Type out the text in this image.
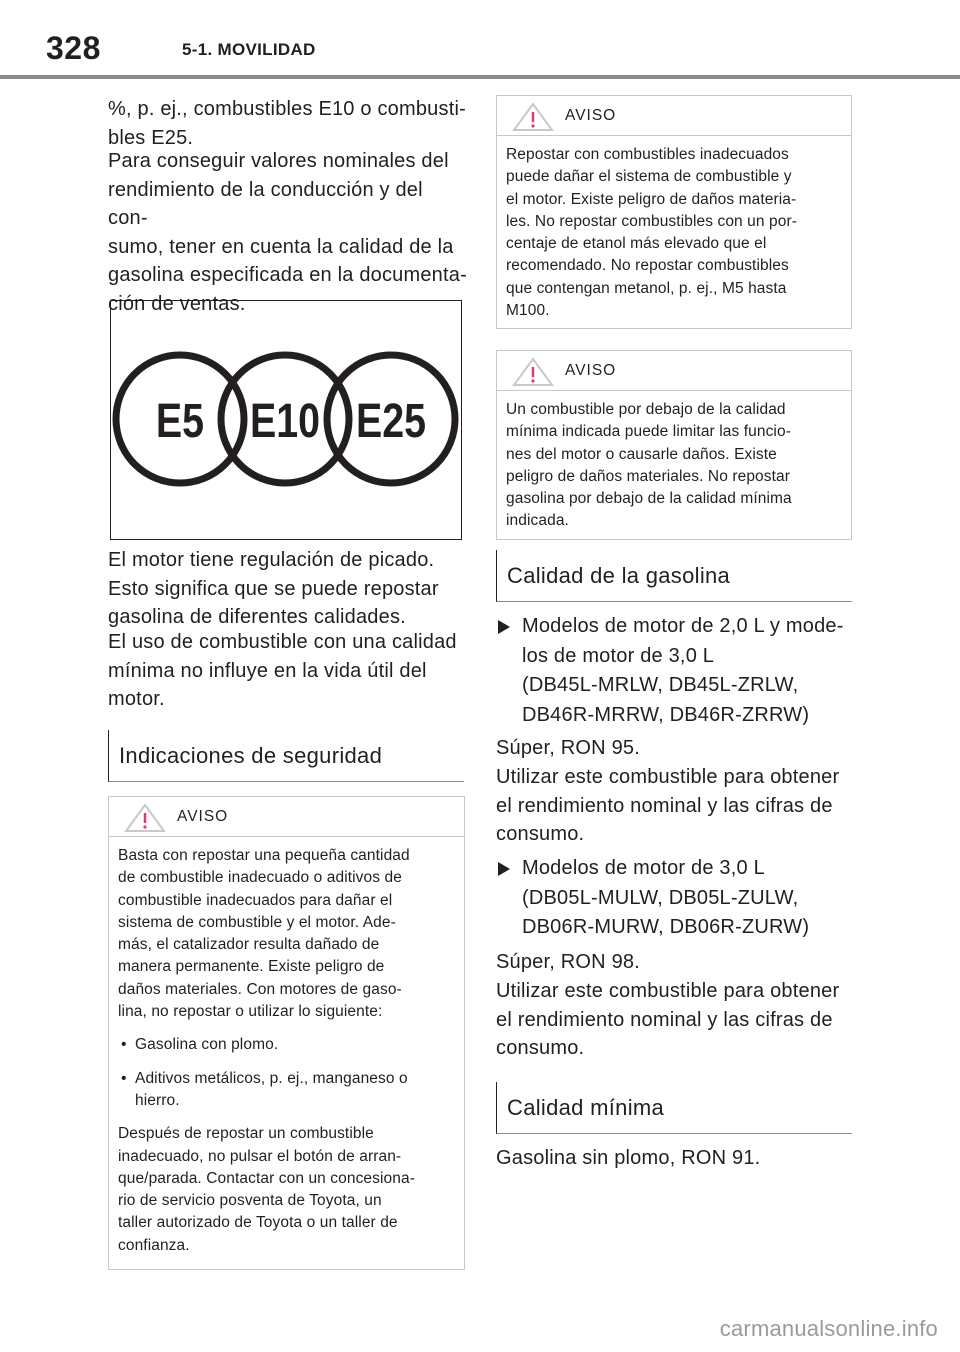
328	5-1. MOVILIDAD
%, p. ej., combustibles E10 o combusti-
bles E25.
Para conseguir valores nominales del
rendimiento de la conducción y del con-
sumo, tener en cuenta la calidad de la
gasolina especificada en la documenta-
ción de ventas.
E5 E10 E25
El motor tiene regulación de picado.
Esto significa que se puede repostar
gasolina de diferentes calidades.
El uso de combustible con una calidad
mínima no influye en la vida útil del
motor.
Indicaciones de seguridad
AVISO

Basta con repostar una pequeña cantidad
de combustible inadecuado o aditivos de
combustible inadecuados para dañar el
sistema de combustible y el motor. Ade-
más, el catalizador resulta dañado de
manera permanente. Existe peligro de
daños materiales. Con motores de gaso-
lina, no repostar o utilizar lo siguiente:

• Gasolina con plomo.
• Aditivos metálicos, p. ej., manganeso o
hierro.

Después de repostar un combustible
inadecuado, no pulsar el botón de arran-
que/parada. Contactar con un concesiona-
rio de servicio posventa de Toyota, un
taller autorizado de Toyota o un taller de
confianza.

AVISO
Repostar con combustibles inadecuados
puede dañar el sistema de combustible y
el motor. Existe peligro de daños materia-
les. No repostar combustibles con un por-
centaje de etanol más elevado que el
recomendado. No repostar combustibles
que contengan metanol, p. ej., M5 hasta
M100.
AVISO
Un combustible por debajo de la calidad
mínima indicada puede limitar las funcio-
nes del motor o causarle daños. Existe
peligro de daños materiales. No repostar
gasolina por debajo de la calidad mínima
indicada.
Calidad de la gasolina
Modelos de motor de 2,0 L y mode-
los de motor de 3,0 L
(DB45L-MRLW, DB45L-ZRLW,
DB46R-MRRW, DB46R-ZRRW)
Súper, RON 95.
Utilizar este combustible para obtener
el rendimiento nominal y las cifras de
consumo.
Modelos de motor de 3,0 L
(DB05L-MULW, DB05L-ZULW,
DB06R-MURW, DB06R-ZURW)
Súper, RON 98.
Utilizar este combustible para obtener
el rendimiento nominal y las cifras de
consumo.
Calidad mínima
Gasolina sin plomo, RON 91.
carmanualsonline.info
